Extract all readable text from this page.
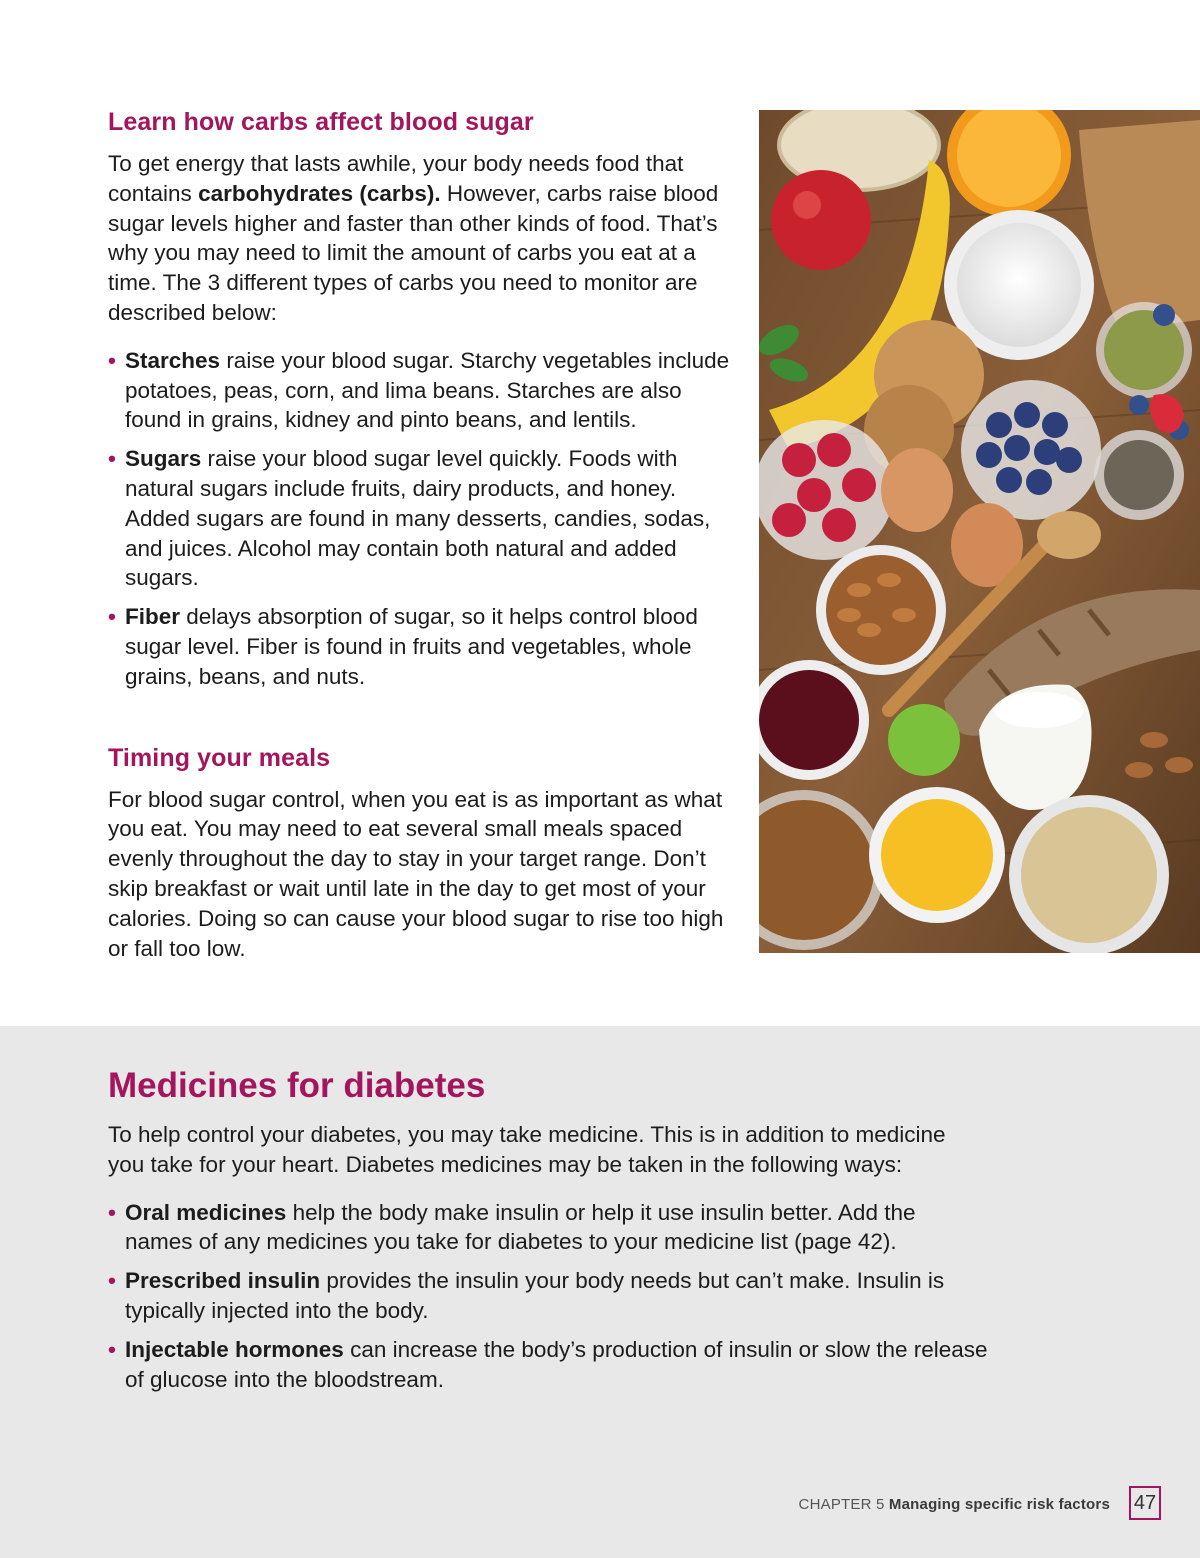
Learn how carbs affect blood sugar

To get energy that lasts awhile, your body needs food that contains carbohydrates (carbs). However, carbs raise blood sugar levels higher and faster than other kinds of food. That’s why you may need to limit the amount of carbs you eat at a time. The 3 different types of carbs you need to monitor are described below:

• Starches raise your blood sugar. Starchy vegetables include potatoes, peas, corn, and lima beans. Starches are also found in grains, kidney and pinto beans, and lentils.
• Sugars raise your blood sugar level quickly. Foods with natural sugars include fruits, dairy products, and honey. Added sugars are found in many desserts, candies, sodas, and juices. Alcohol may contain both natural and added sugars.
• Fiber delays absorption of sugar, so it helps control blood sugar level. Fiber is found in fruits and vegetables, whole grains, beans, and nuts.
Timing your meals

For blood sugar control, when you eat is as important as what you eat. You may need to eat several small meals spaced evenly throughout the day to stay in your target range. Don’t skip breakfast or wait until late in the day to get most of your calories. Doing so can cause your blood sugar to rise too high or fall too low.

Medicines for diabetes

To help control your diabetes, you may take medicine. This is in addition to medicine you take for your heart. Diabetes medicines may be taken in the following ways:

• Oral medicines help the body make insulin or help it use insulin better. Add the names of any medicines you take for diabetes to your medicine list (page 42).
• Prescribed insulin provides the insulin your body needs but can’t make. Insulin is typically injected into the body.
• Injectable hormones can increase the body’s production of insulin or slow the release of glucose into the bloodstream.
CHAPTER 5 Managing specific risk factors 47
